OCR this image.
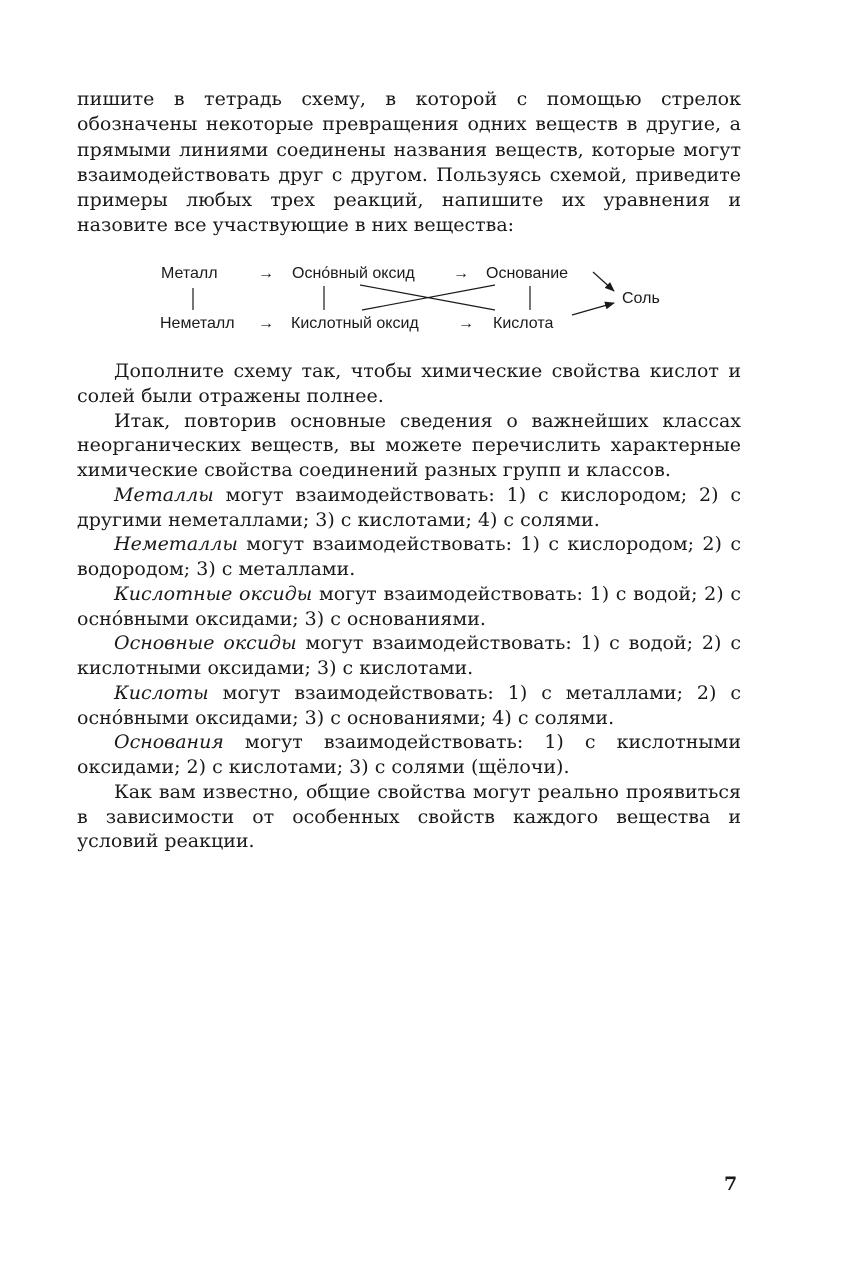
пишите в тетрадь схему, в которой с помощью стрелок обозначены некоторые превращения одних веществ в другие, а прямыми линиями соединены названия веществ, которые могут взаимодействовать друг с другом. Пользуясь схемой, приведите примеры любых трех реакций, напишите их уравнения и назовите все участвующие в них вещества:

Металл	→ Осно́вный оксид → Основание
Неметалл → Кислотный оксид → Кислота
Соль

Дополните схему так, чтобы химические свойства кислот и солей были отражены полнее.

Итак, повторив основные сведения о важнейших классах неорганических веществ, вы можете перечислить характерные химические свойства соединений разных групп и классов.

Металлы могут взаимодействовать: 1) с кислородом; 2) с другими неметаллами; 3) с кислотами; 4) с солями.

Неметаллы могут взаимодействовать: 1) с кислородом; 2) с водородом; 3) с металлами.

Кислотные оксиды могут взаимодействовать: 1) с водой; 2) с осно́вными оксидами; 3) с основаниями.

Основные оксиды могут взаимодействовать: 1) с водой; 2) с кислотными оксидами; 3) с кислотами.

Кислоты могут взаимодействовать: 1) с металлами; 2) с осно́вными оксидами; 3) с основаниями; 4) с солями.

Основания могут взаимодействовать: 1) с кислотными оксидами; 2) с кислотами; 3) с солями (щёлочи).

Как вам известно, общие свойства могут реально проявиться в зависимости от особенных свойств каждого вещества и условий реакции.

7
